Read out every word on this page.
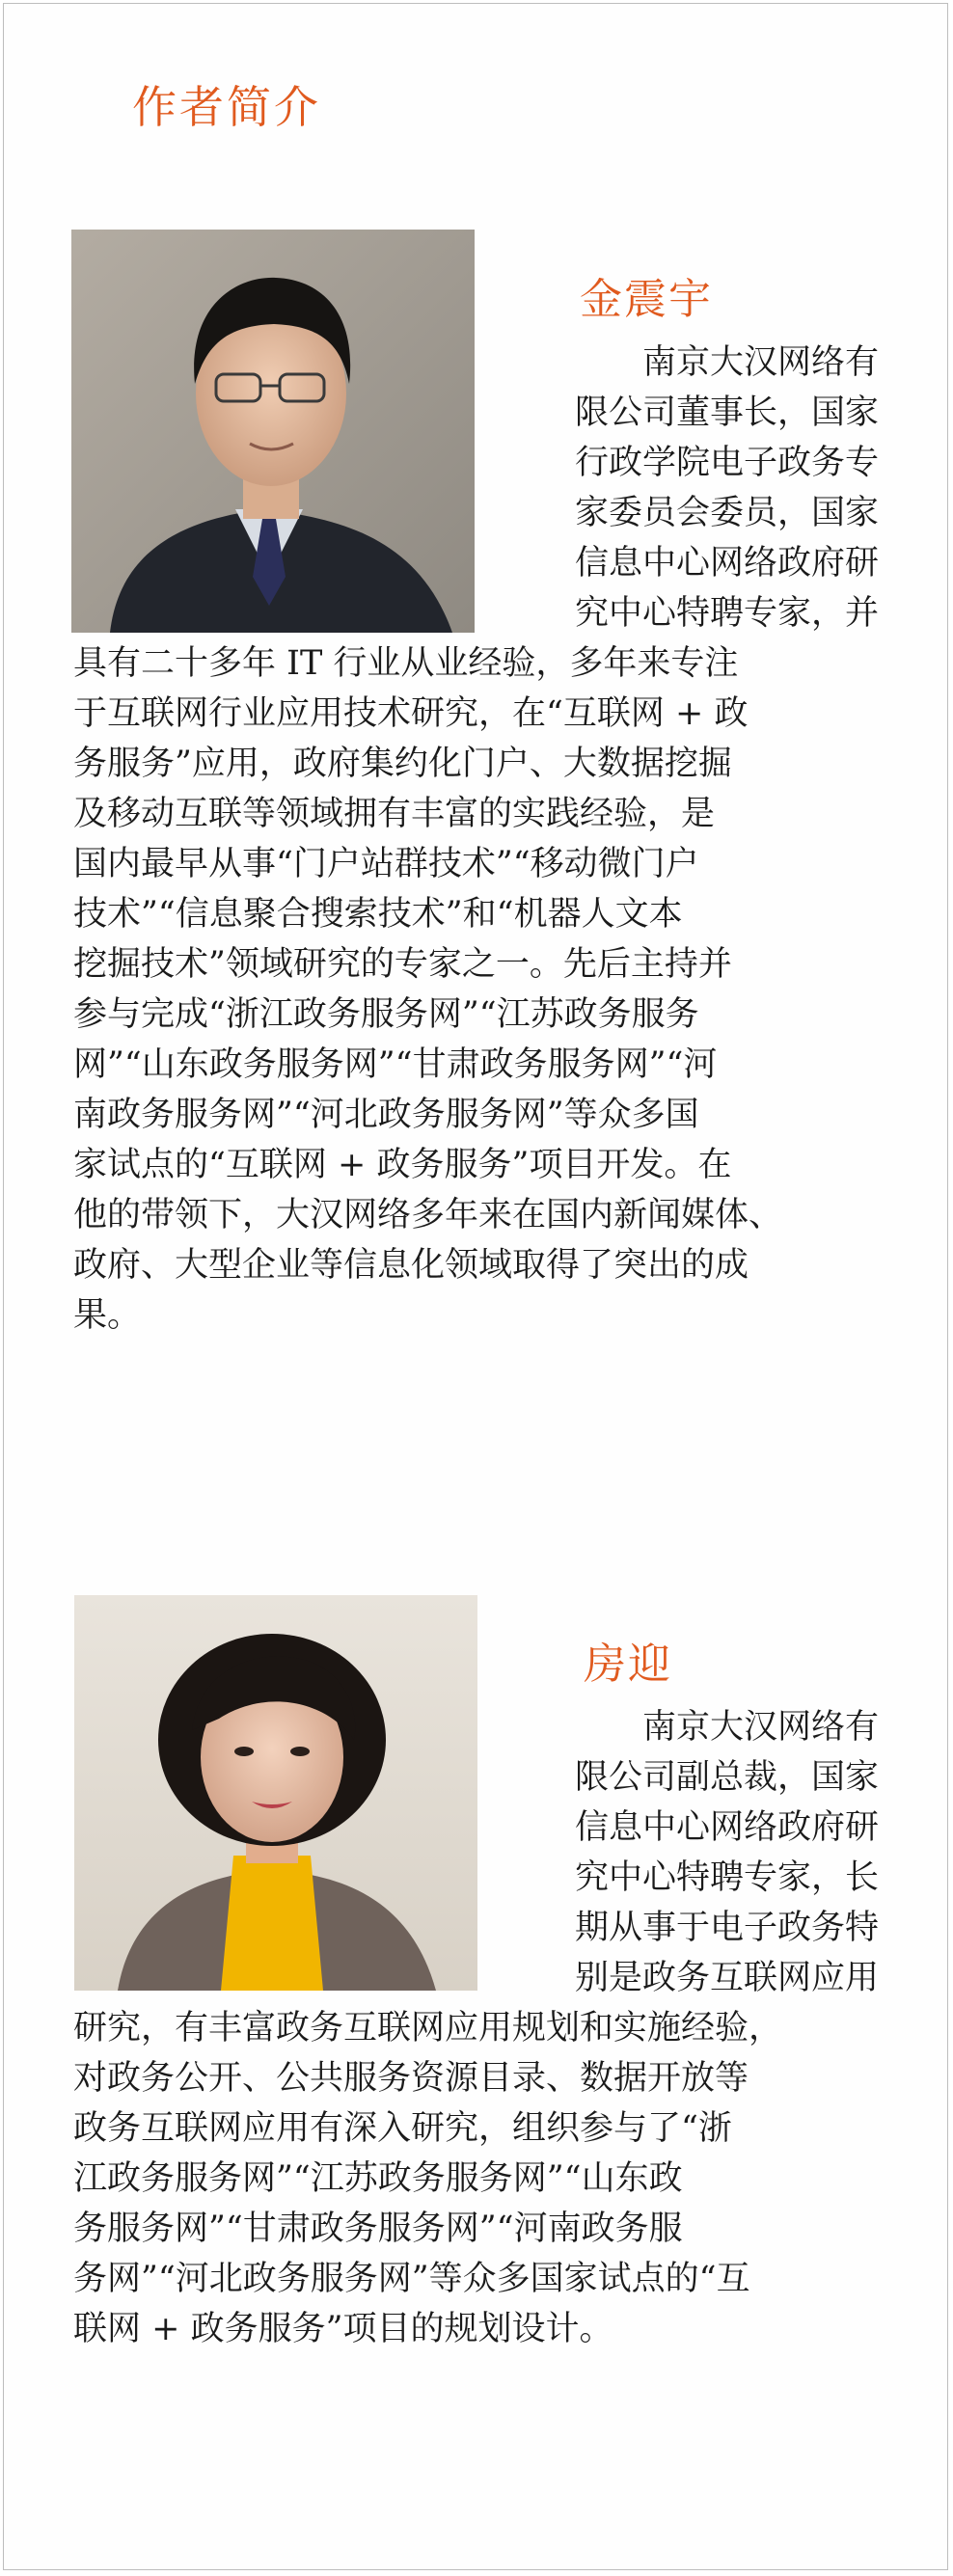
作者简介
金震宇
　　南京大汉网络有
限公司董事长，国家
行政学院电子政务专
家委员会委员，国家
信息中心网络政府研
究中心特聘专家，并
具有二十多年 IT 行业从业经验，多年来专注
于互联网行业应用技术研究，在“互联网 + 政
务服务”应用，政府集约化门户、大数据挖掘
及移动互联等领域拥有丰富的实践经验，是
国内最早从事“门户站群技术”“移动微门户
技术”“信息聚合搜索技术”和“机器人文本
挖掘技术”领域研究的专家之一。先后主持并
参与完成“浙江政务服务网”“江苏政务服务
网”“山东政务服务网”“甘肃政务服务网”“河
南政务服务网”“河北政务服务网”等众多国
家试点的“互联网 + 政务服务”项目开发。在
他的带领下，大汉网络多年来在国内新闻媒体、
政府、大型企业等信息化领域取得了突出的成
果。
房迎
　　南京大汉网络有
限公司副总裁，国家
信息中心网络政府研
究中心特聘专家，长
期从事于电子政务特
别是政务互联网应用
研究，有丰富政务互联网应用规划和实施经验，
对政务公开、公共服务资源目录、数据开放等
政务互联网应用有深入研究，组织参与了“浙
江政务服务网”“江苏政务服务网”“山东政
务服务网”“甘肃政务服务网”“河南政务服
务网”“河北政务服务网”等众多国家试点的“互
联网 + 政务服务”项目的规划设计。
